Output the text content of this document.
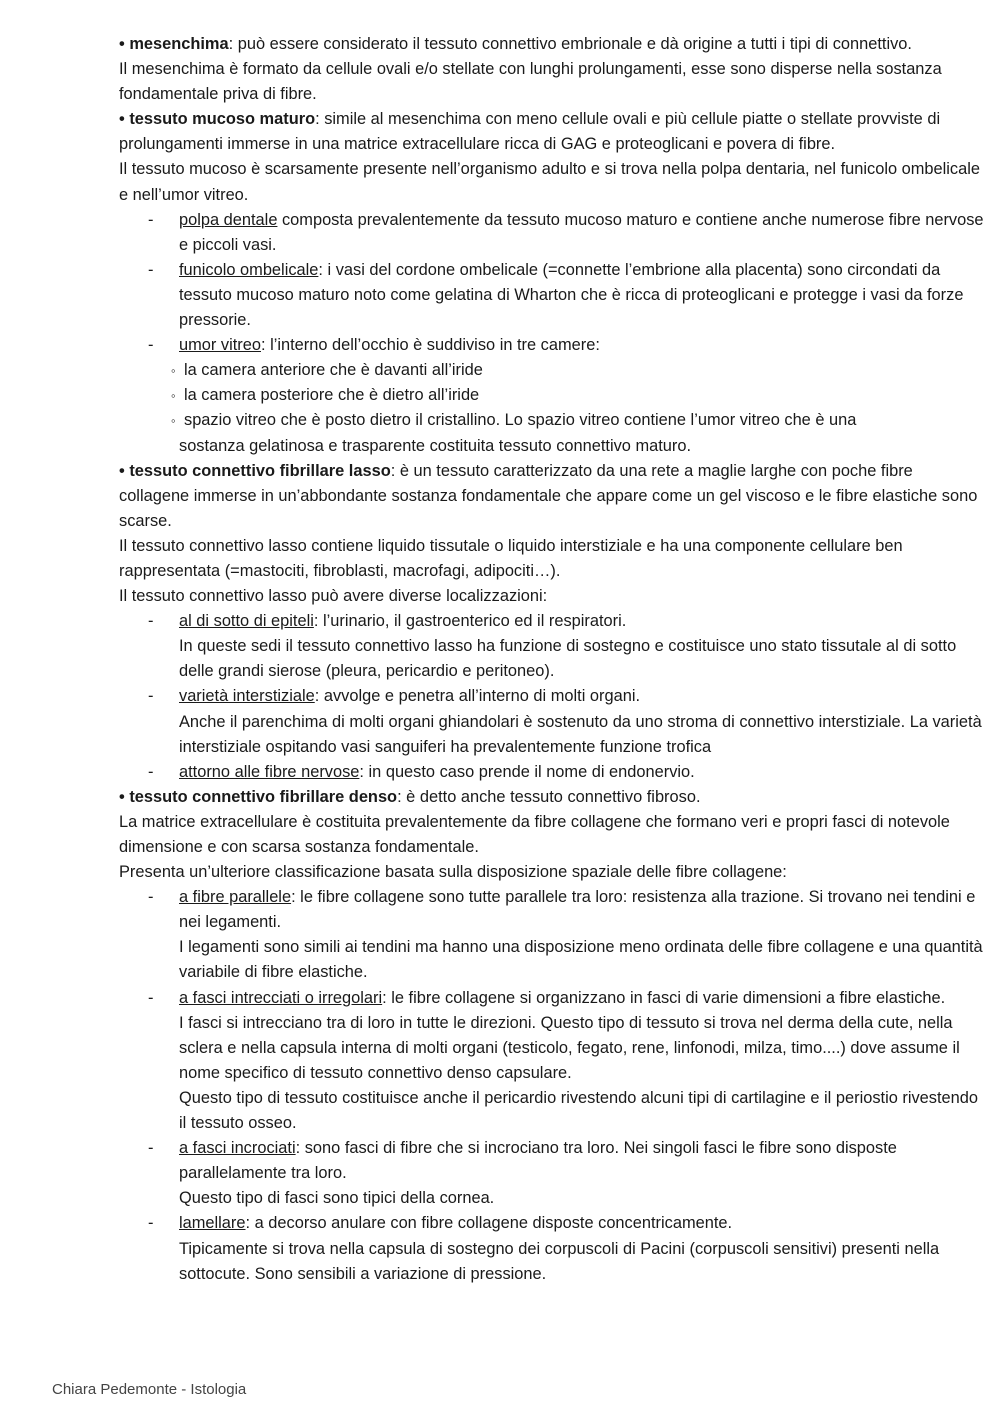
• mesenchima: può essere considerato il tessuto connettivo embrionale e dà origine a tutti i tipi di connettivo.
Il mesenchima è formato da cellule ovali e/o stellate con lunghi prolungamenti, esse sono disperse nella sostanza fondamentale priva di fibre.
• tessuto mucoso maturo: simile al mesenchima con meno cellule ovali e più cellule piatte o stellate provviste di prolungamenti immerse in una matrice extracellulare ricca di GAG e proteoglicani e povera di fibre.
Il tessuto mucoso è scarsamente presente nell’organismo adulto e si trova nella polpa dentaria, nel funicolo ombelicale e nell’umor vitreo.
- polpa dentale composta prevalentemente da tessuto mucoso maturo e contiene anche numerose fibre nervose e piccoli vasi.
- funicolo ombelicale: i vasi del cordone ombelicale (=connette l’embrione alla placenta) sono circondati da tessuto mucoso maturo noto come gelatina di Wharton che è ricca di proteoglicani e protegge i vasi da forze pressorie.
- umor vitreo: l’interno dell’occhio è suddiviso in tre camere:
◦ la camera anteriore che è davanti all’iride
◦ la camera posteriore che è dietro all’iride
◦ spazio vitreo che è posto dietro il cristallino. Lo spazio vitreo contiene l’umor vitreo che è una
sostanza gelatinosa e trasparente costituita tessuto connettivo maturo.
• tessuto connettivo fibrillare lasso: è un tessuto caratterizzato da una rete a maglie larghe con poche fibre collagene immerse in un’abbondante sostanza fondamentale che appare come un gel viscoso e le fibre elastiche sono scarse.
Il tessuto connettivo lasso contiene liquido tissutale o liquido interstiziale e ha una componente cellulare ben rappresentata (=mastociti, fibroblasti, macrofagi, adipociti…).
Il tessuto connettivo lasso può avere diverse localizzazioni:
- al di sotto di epiteli: l’urinario, il gastroenterico ed il respiratori.
In queste sedi il tessuto connettivo lasso ha funzione di sostegno e costituisce uno stato tissutale al di sotto delle grandi sierose (pleura, pericardio e peritoneo).
- varietà interstiziale: avvolge e penetra all’interno di molti organi.
Anche il parenchima di molti organi ghiandolari è sostenuto da uno stroma di connettivo interstiziale. La varietà interstiziale ospitando vasi sanguiferi ha prevalentemente funzione trofica
- attorno alle fibre nervose: in questo caso prende il nome di endonervio.
• tessuto connettivo fibrillare denso: è detto anche tessuto connettivo fibroso.
La matrice extracellulare è costituita prevalentemente da fibre collagene che formano veri e propri fasci di notevole dimensione e con scarsa sostanza fondamentale.
Presenta un’ulteriore classificazione basata sulla disposizione spaziale delle fibre collagene:
- a fibre parallele: le fibre collagene sono tutte parallele tra loro: resistenza alla trazione. Si trovano nei tendini e nei legamenti.
I legamenti sono simili ai tendini ma hanno una disposizione meno ordinata delle fibre collagene e una quantità variabile di fibre elastiche.
- a fasci intrecciati o irregolari: le fibre collagene si organizzano in fasci di varie dimensioni a fibre elastiche.
I fasci si intrecciano tra di loro in tutte le direzioni. Questo tipo di tessuto si trova nel derma della cute, nella sclera e nella capsula interna di molti organi (testicolo, fegato, rene, linfonodi, milza, timo....) dove assume il nome specifico di tessuto connettivo denso capsulare.
Questo tipo di tessuto costituisce anche il pericardio rivestendo alcuni tipi di cartilagine e il periostio rivestendo il tessuto osseo.
- a fasci incrociati: sono fasci di fibre che si incrociano tra loro. Nei singoli fasci le fibre sono disposte parallelamente tra loro.
Questo tipo di fasci sono tipici della cornea.
- lamellare: a decorso anulare con fibre collagene disposte concentricamente.
Tipicamente si trova nella capsula di sostegno dei corpuscoli di Pacini (corpuscoli sensitivi) presenti nella sottocute. Sono sensibili a variazione di pressione.
Chiara Pedemonte - Istologia
